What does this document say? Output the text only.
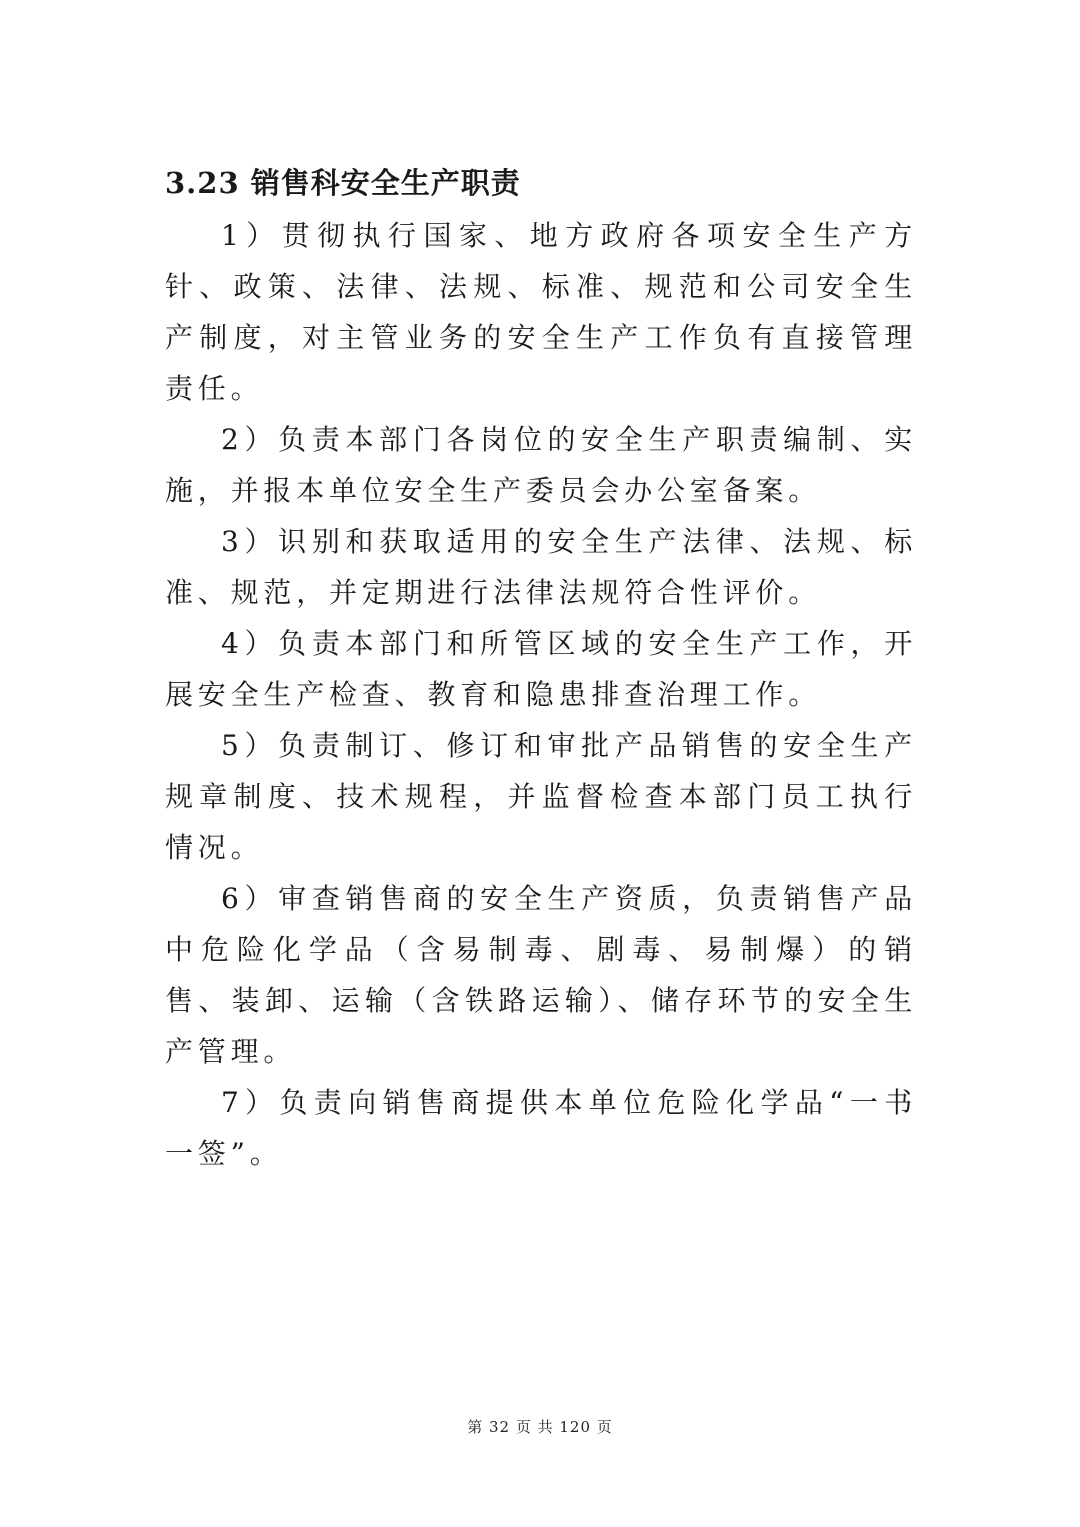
3.23 销售科安全生产职责

1）贯彻执行国家、地方政府各项安全生产方针、政策、法律、法规、标准、规范和公司安全生产制度，对主管业务的安全生产工作负有直接管理责任。

2）负责本部门各岗位的安全生产职责编制、实施，并报本单位安全生产委员会办公室备案。

3）识别和获取适用的安全生产法律、法规、标准、规范，并定期进行法律法规符合性评价。

4）负责本部门和所管区域的安全生产工作，开展安全生产检查、教育和隐患排查治理工作。

5）负责制订、修订和审批产品销售的安全生产规章制度、技术规程，并监督检查本部门员工执行情况。

6）审查销售商的安全生产资质，负责销售产品中危险化学品（含易制毒、剧毒、易制爆）的销售、装卸、运输（含铁路运输）、储存环节的安全生产管理。

7）负责向销售商提供本单位危险化学品“一书一签”。

第 32 页 共 120 页
